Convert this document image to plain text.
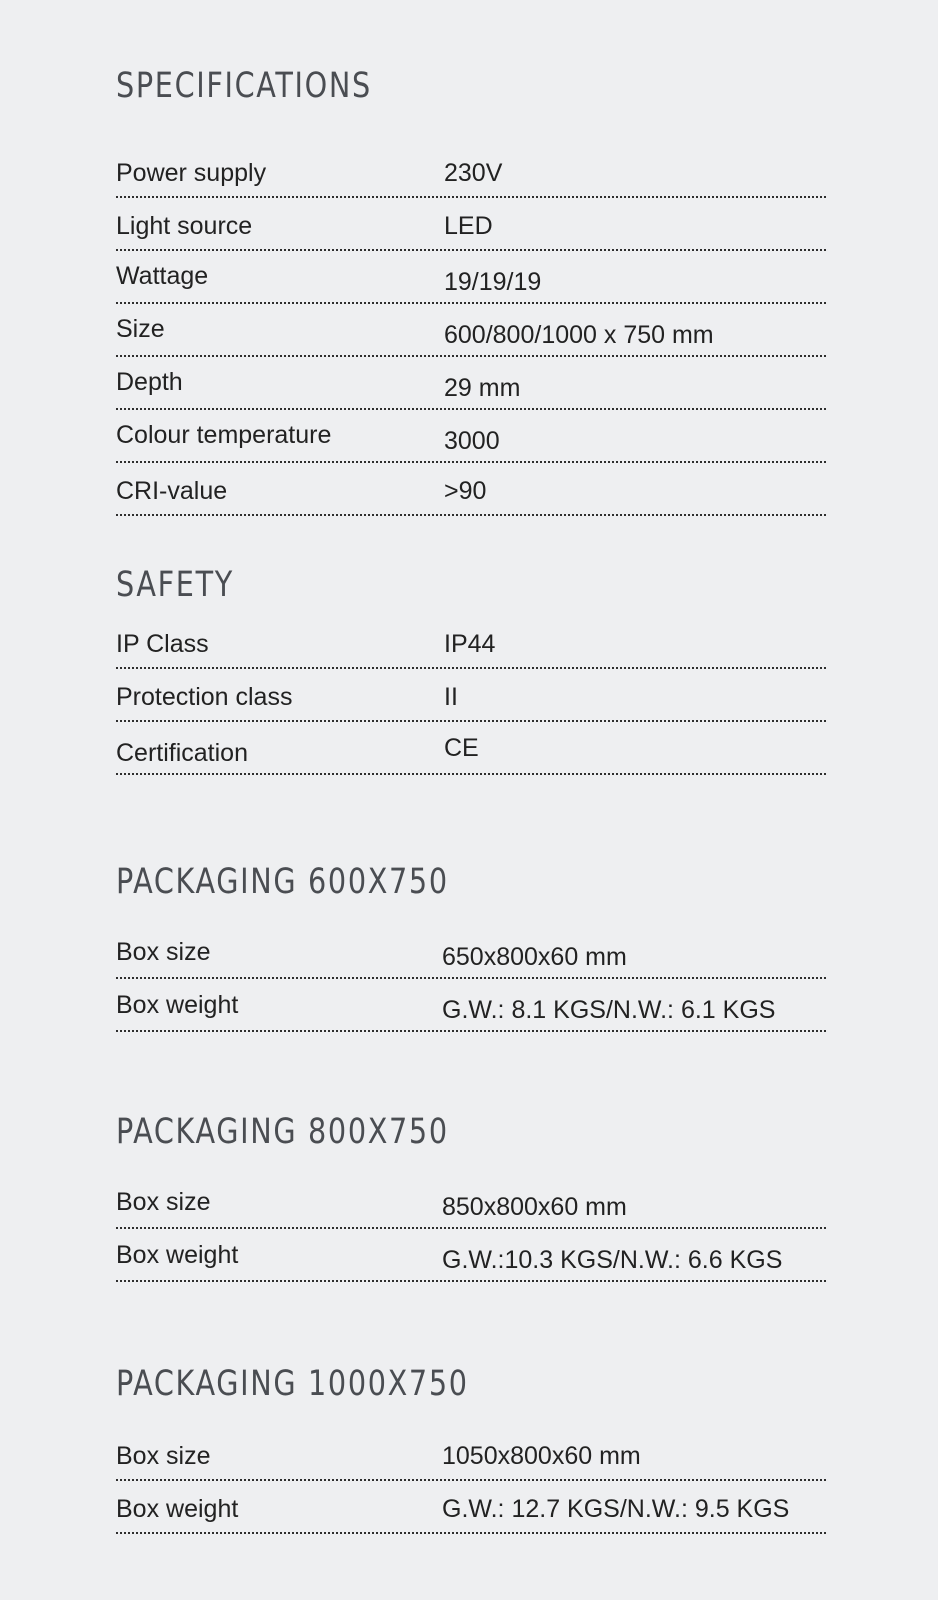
SPECIFICATIONS
Power supply	230V
Light source	LED
Wattage	19/19/19
Size	600/800/1000 x 750 mm
Depth	29 mm
Colour temperature	3000
CRI-value	>90
SAFETY
IP Class	IP44
Protection class	II
Certification	CE
PACKAGING 600X750
Box size	650x800x60 mm
Box weight	G.W.: 8.1 KGS/N.W.: 6.1 KGS
PACKAGING 800X750
Box size	850x800x60 mm
Box weight	G.W.:10.3 KGS/N.W.: 6.6 KGS
PACKAGING 1000X750
Box size	1050x800x60 mm
Box weight	G.W.: 12.7 KGS/N.W.: 9.5 KGS
